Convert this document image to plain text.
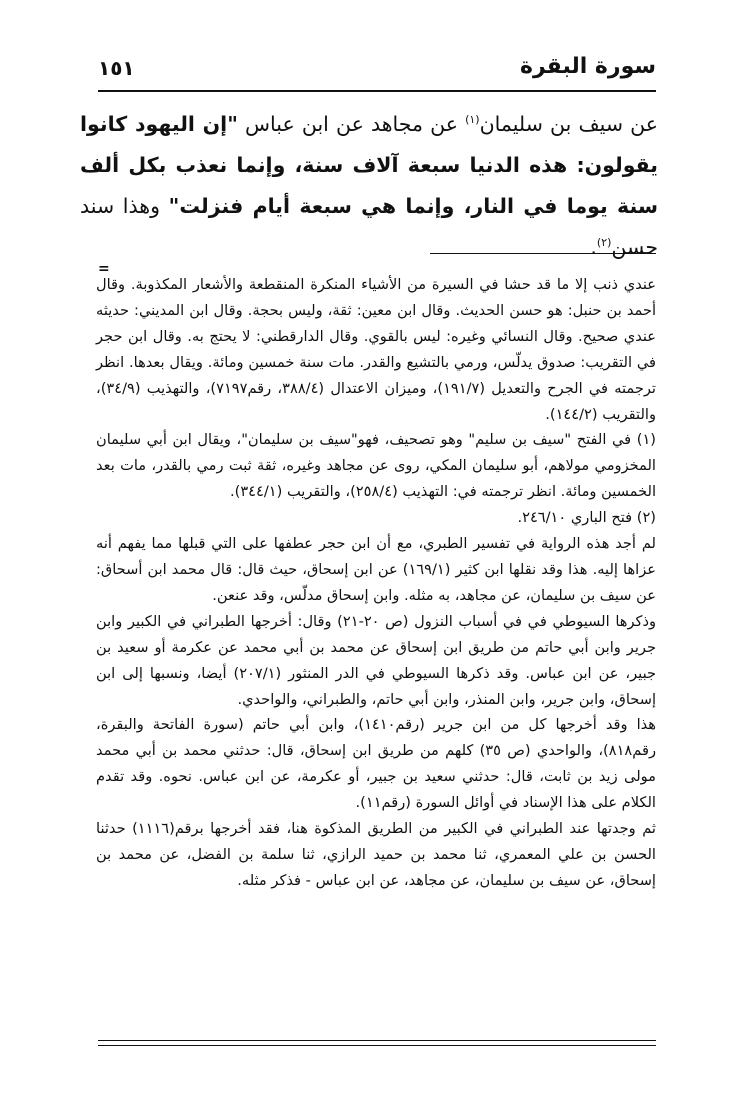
١٥١	سورة البقرة
عن سيف بن سليمان$^{(١)}$ عن مجاهد عن ابن عباس "إن اليهود كانوا يقولون: هذه الدنيا سبعة آلاف سنة، وإنما نعذب بكل ألف سنة يوما في النار، وإنما هي سبعة أيام فنزلت" وهذا سند حسن$^{(٢)}$.
=

عندي ذنب إلا ما قد حشا في السيرة من الأشياء المنكرة المنقطعة والأشعار المكذوبة. وقال أحمد بن حنبل: هو حسن الحديث. وقال ابن معين: ثقة، وليس بحجة. وقال ابن المديني: حديثه عندي صحيح. وقال النسائي وغيره: ليس بالقوي. وقال الدارقطني: لا يحتج به. وقال ابن حجر في التقريب: صدوق يدلّس، ورمي بالتشيع والقدر. مات سنة خمسين ومائة. ويقال بعدها. انظر ترجمته في الجرح والتعديل (١٩١/٧)، وميزان الاعتدال (٣٨٨/٤، رقم٧١٩٧)، والتهذيب (٣٤/٩)، والتقريب (١٤٤/٢).

(١) في الفتح "سيف بن سليم" وهو تصحيف، فهو"سيف بن سليمان"، ويقال ابن أبي سليمان المخزومي مولاهم، أبو سليمان المكي، روى عن مجاهد وغيره، ثقة ثبت رمي بالقدر، مات بعد الخمسين ومائة. انظر ترجمته في: التهذيب (٢٥٨/٤)، والتقريب (٣٤٤/١).

(٢) فتح الباري ٢٤٦/١٠.

لم أجد هذه الرواية في تفسير الطبري، مع أن ابن حجر عطفها على التي قبلها مما يفهم أنه عزاها إليه. هذا وقد نقلها ابن كثير (١٦٩/١) عن ابن إسحاق، حيث قال: قال محمد ابن أسحاق: عن سيف بن سليمان، عن مجاهد، به مثله. وابن إسحاق مدلّس، وقد عنعن.

وذكرها السيوطي في في أسباب النزول (ص ٢٠-٢١) وقال: أخرجها الطبراني في الكبير وابن جرير وابن أبي حاتم من طريق ابن إسحاق عن محمد بن أبي محمد عن عكرمة أو سعيد بن جبير، عن ابن عباس. وقد ذكرها السيوطي في الدر المنثور (٢٠٧/١) أيضا، ونسبها إلى ابن إسحاق، وابن جرير، وابن المنذر، وابن أبي حاتم، والطبراني، والواحدي.

هذا وقد أخرجها كل من ابن جرير (رقم١٤١٠)، وابن أبي حاتم (سورة الفاتحة والبقرة، رقم٨١٨)، والواحدي (ص ٣٥) كلهم من طريق ابن إسحاق، قال: حدثني محمد بن أبي محمد مولى زيد بن ثابت، قال: حدثني سعيد بن جبير، أو عكرمة، عن ابن عباس. نحوه. وقد تقدم الكلام على هذا الإسناد في أوائل السورة (رقم١١).

ثم وجدتها عند الطبراني في الكبير من الطريق المذكوة هنا، فقد أخرجها برقم(١١١٦) حدثنا الحسن بن علي المعمري، ثنا محمد بن حميد الرازي، ثنا سلمة بن الفضل، عن محمد بن إسحاق، عن سيف بن سليمان، عن مجاهد، عن ابن عباس - فذكر مثله.
